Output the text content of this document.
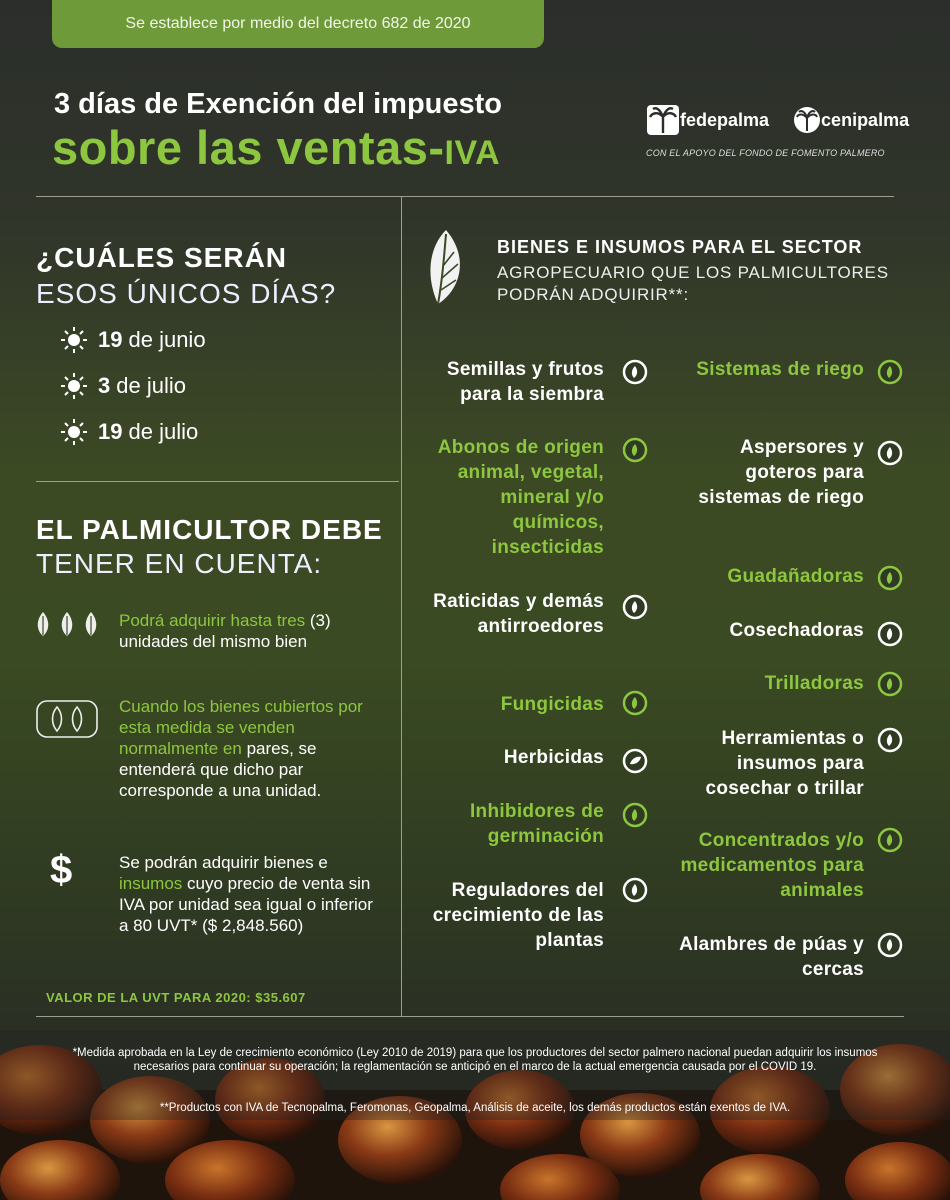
Se establece por medio del decreto 682 de 2020
3 días de Exención del impuesto
sobre las ventas-IVA
fedepalma	cenipalma
CON EL APOYO DEL FONDO DE FOMENTO PALMERO
¿CUÁLES SERÁN
ESOS ÚNICOS DÍAS?
19 de junio
3 de julio
19 de julio
EL PALMICULTOR DEBE
TENER EN CUENTA:
Podrá adquirir hasta tres (3) unidades del mismo bien
Cuando los bienes cubiertos por esta medida se venden normalmente en pares, se entenderá que dicho par corresponde a una unidad.
$	Se podrán adquirir bienes e insumos cuyo precio de venta sin IVA por unidad sea igual o inferior a 80 UVT* ($ 2,848.560)
VALOR DE LA UVT PARA 2020: $35.607
BIENES E INSUMOS PARA EL SECTOR
AGROPECUARIO QUE LOS PALMICULTORES PODRÁN ADQUIRIR**:
Semillas y frutos para la siembra
Abonos de origen animal, vegetal, mineral y/o químicos, insecticidas
Raticidas y demás antirroedores
Fungicidas
Herbicidas
Inhibidores de germinación
Reguladores del crecimiento de las plantas
Sistemas de riego
Aspersores y goteros para sistemas de riego
Guadañadoras
Cosechadoras
Trilladoras
Herramientas o insumos para cosechar o trillar
Concentrados y/o medicamentos para animales
Alambres de púas y cercas
*Medida aprobada en la Ley de crecimiento económico (Ley 2010 de 2019) para que los productores del sector palmero nacional puedan adquirir los insumos necesarios para continuar su operación; la reglamentación se anticipó en el marco de la actual emergencia causada por el COVID 19.
**Productos con IVA de Tecnopalma, Feromonas, Geopalma, Análisis de aceite, los demás productos están exentos de IVA.
